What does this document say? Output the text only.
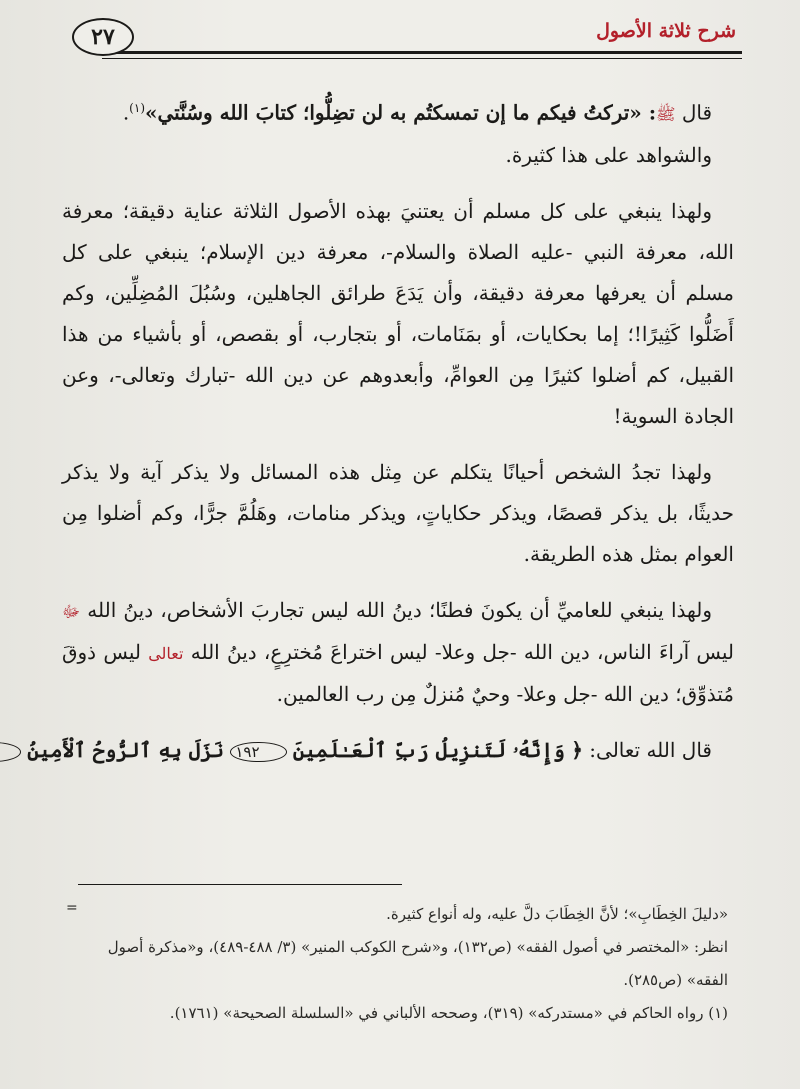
٢٧	شرح ثلاثة الأصول

قال ﷺ: «تركتُ فيكم ما إن تمسكتُم به لن تضِلُّوا؛ كتابَ الله وسُنَّتي»$^{(١)}$.

والشواهد على هذا كثيرة.

ولهذا ينبغي على كل مسلم أن يعتنيَ بهذه الأصول الثلاثة عناية دقيقة؛ معرفة الله، معرفة النبي -عليه الصلاة والسلام-، معرفة دين الإسلام؛ ينبغي على كل مسلم أن يعرفها معرفة دقيقة، وأن يَدَعَ طرائق الجاهلين، وسُبُلَ المُضِلِّين، وكم أَضَلُّوا كَثِيرًا!؛ إما بحكايات، أو بمَنَامات، أو بتجارب، أو بقصص، أو بأشياء من هذا القبيل، كم أضلوا كثيرًا مِن العوامِّ، وأبعدوهم عن دين الله -تبارك وتعالى-، وعن الجادة السوية!

ولهذا تجدُ الشخص أحيانًا يتكلم عن مِثل هذه المسائل ولا يذكر آية ولا يذكر حديثًا، بل يذكر قصصًا، ويذكر حكاياتٍ، ويذكر منامات، وهَلُمَّ جرًّا، وكم أضلوا مِن العوام بمثل هذه الطريقة.

ولهذا ينبغي للعاميِّ أن يكونَ فطنًا؛ دينُ الله ليس تجاربَ الأشخاص، دينُ الله ﷻ ليس آراءَ الناس، دين الله -جل وعلا- ليس اختراعَ مُخترِعٍ، دينُ الله تعالى ليس ذوقَ مُتذوِّق؛ دين الله -جل وعلا- وحيٌ مُنزلٌ مِن رب العالمين.

قال الله تعالى: ﴿ وَإِنَّهُۥ لَتَنزِيلُ رَبِّ ٱلْعَـٰلَمِينَ ١٩٢ نَزَلَ بِهِ ٱلرُّوحُ ٱلْأَمِينُ

=	«دليلَ الخِطَابِ»؛ لأنَّ الخِطَابَ دلَّ عليه، وله أنواع كثيرة.

انظر: «المختصر في أصول الفقه» (ص١٣٢)، و«شرح الكوكب المنير» (٣/ ٤٨٨-٤٨٩)، و«مذكرة أصول الفقه» (ص٢٨٥).

(١) رواه الحاكم في «مستدركه» (٣١٩)، وصححه الألباني في «السلسلة الصحيحة» (١٧٦١).
